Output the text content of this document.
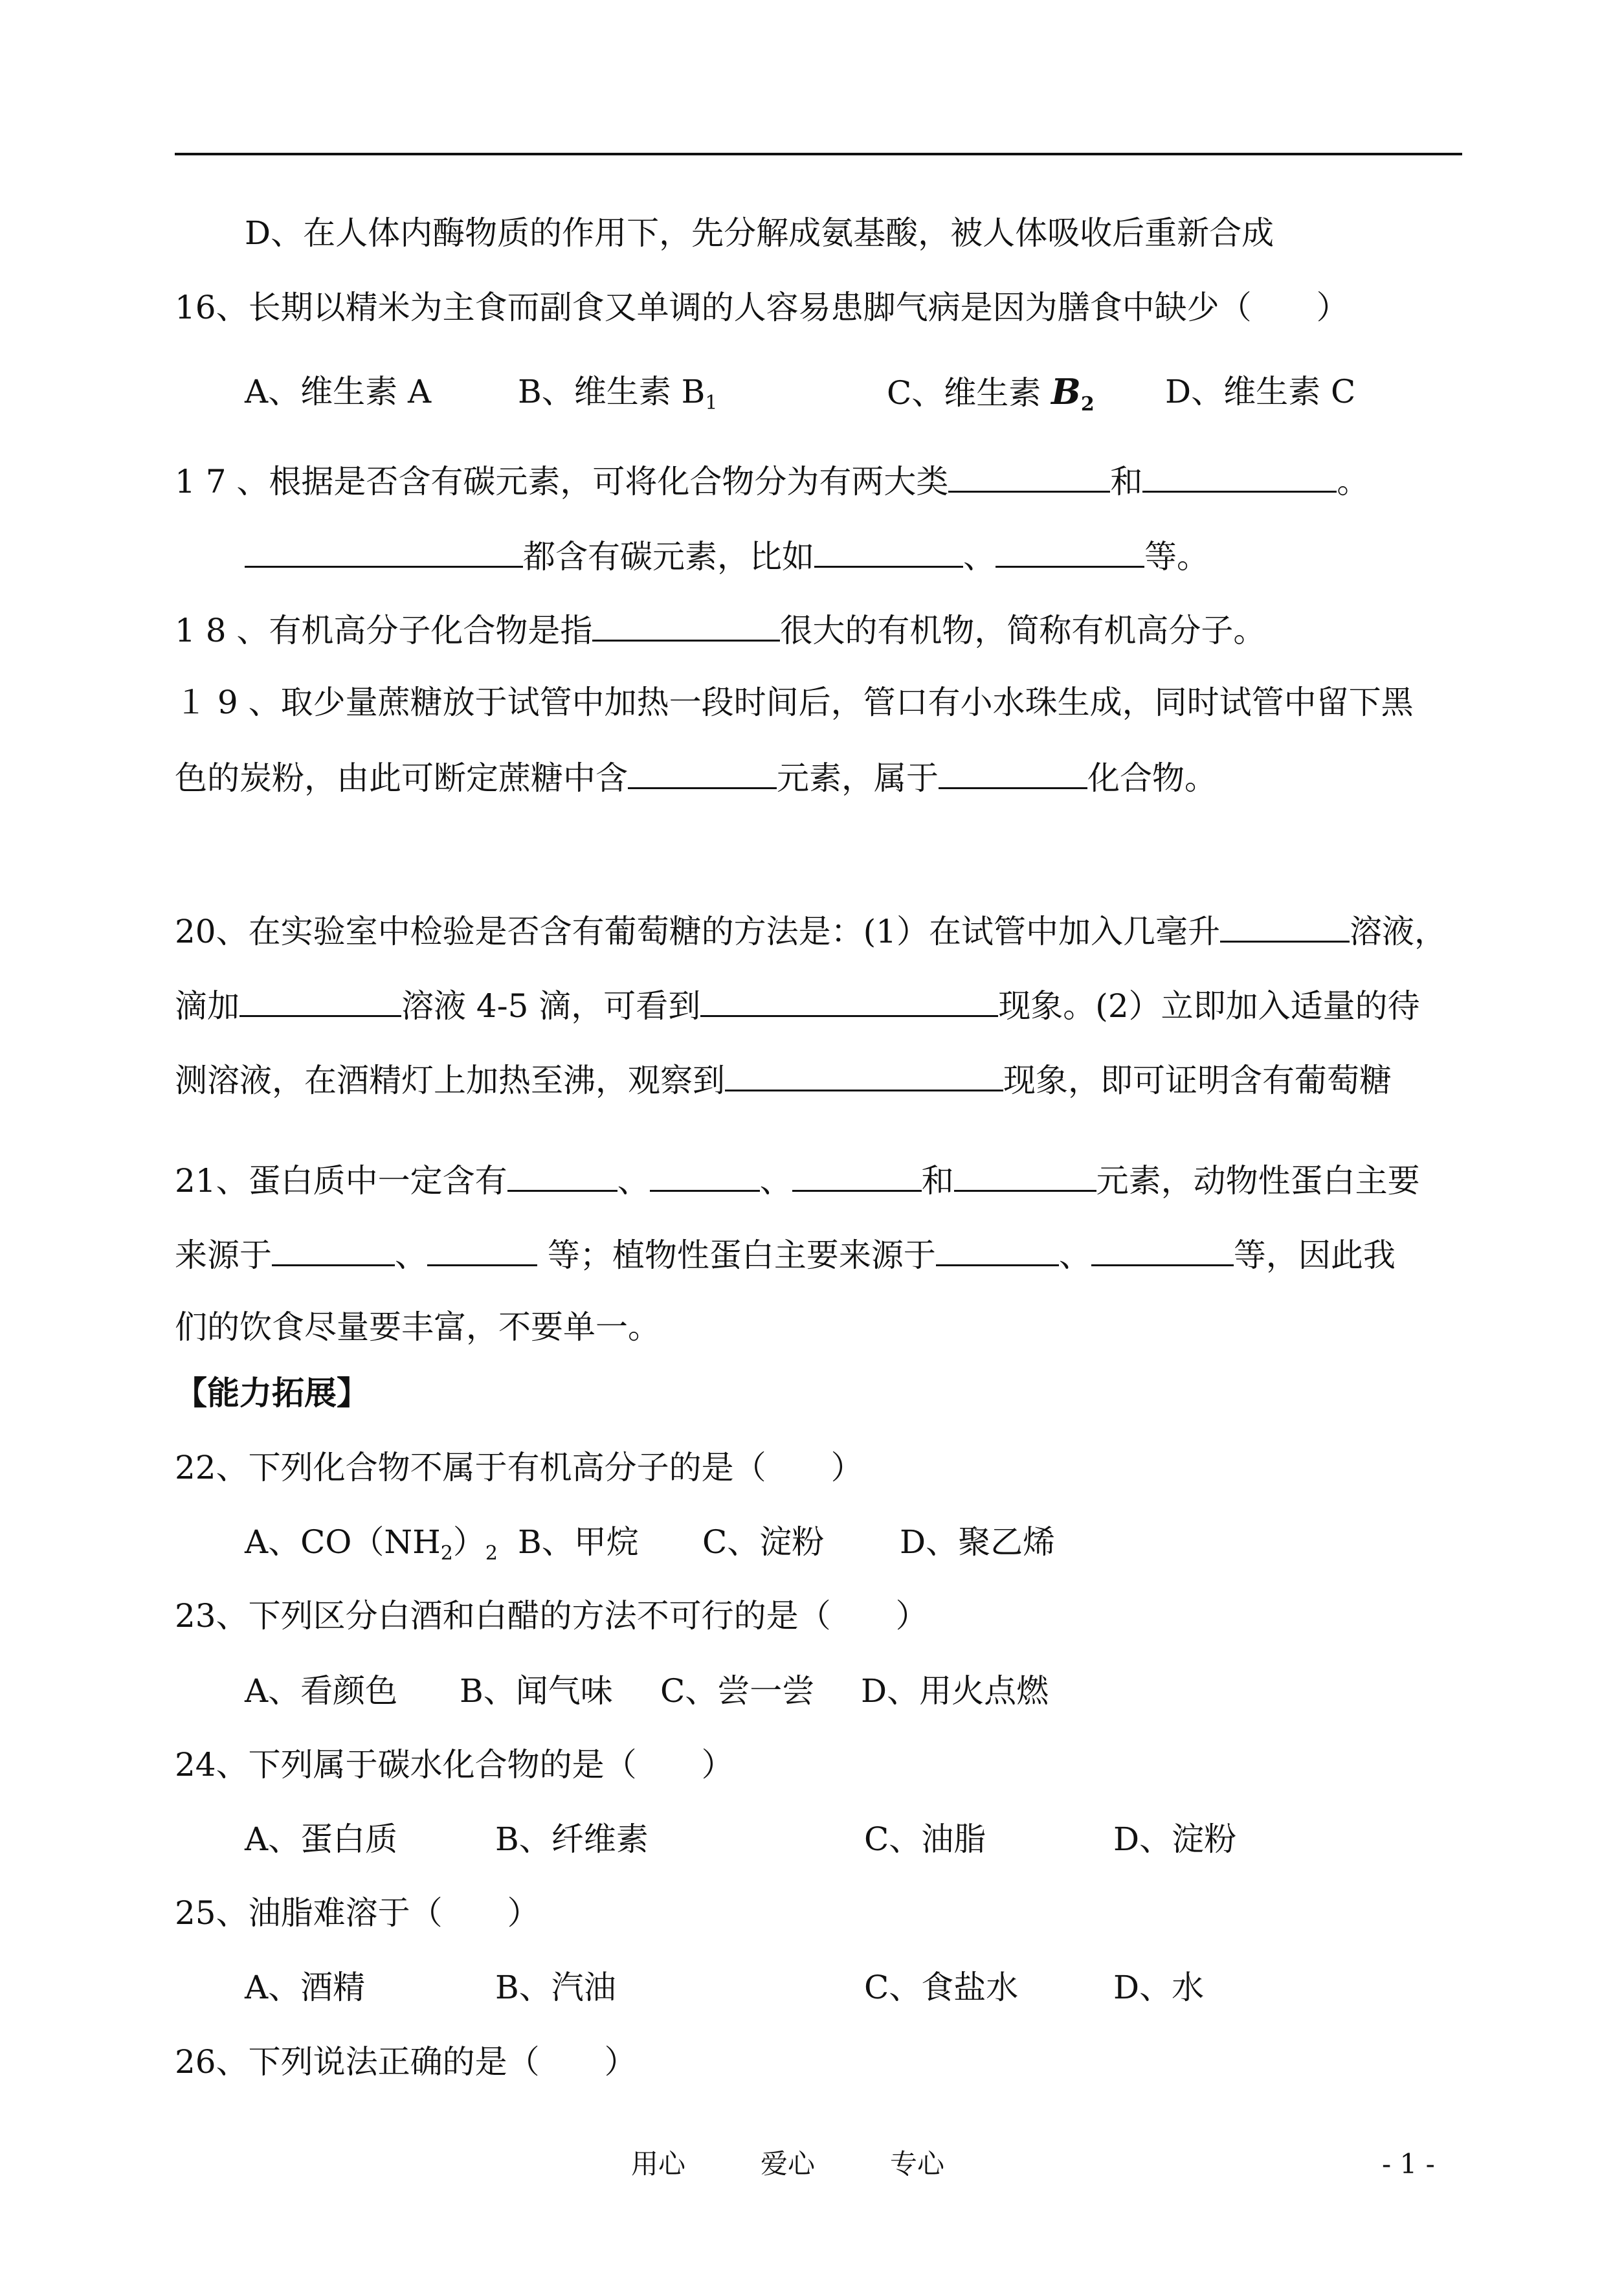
D、在人体内酶物质的作用下，先分解成氨基酸，被人体吸收后重新合成
16、长期以精米为主食而副食又单调的人容易患脚气病是因为膳食中缺少（　　）
A、维生素 A	B、维生素 $B_1$	C、维生素 $B_2$ D、维生素 C
1 7 、根据是否含有碳元素，可将化合物分为有两大类	和	。
都含有碳元素，比如	、	等。
1 8 、有机高分子化合物是指	很大的有机物，简称有机高分子。
１ 9 、取少量蔗糖放于试管中加热一段时间后，管口有小水珠生成，同时试管中留下黑
色的炭粉，由此可断定蔗糖中含	元素，属于	化合物。
20、在实验室中检验是否含有葡萄糖的方法是：(1）在试管中加入几毫升	溶液，
滴加	溶液 4-5 滴，可看到	现象。(2）立即加入适量的待
测溶液，在酒精灯上加热至沸，观察到	现象，即可证明含有葡萄糖
21、蛋白质中一定含有	、	、	和	元素，动物性蛋白主要
来源于	、	等；植物性蛋白主要来源于	、	等，因此我
们的饮食尽量要丰富，不要单一。
【能力拓展】
22、下列化合物不属于有机高分子的是（　　）
A、$CO(NH_2)_2$ B、甲烷 C、淀粉 D、聚乙烯
23、下列区分白酒和白醋的方法不可行的是（　　）
A、看颜色 B、闻气味 C、尝一尝 D、用火点燃
24、下列属于碳水化合物的是（　　）
A、蛋白质	B、纤维素	C、油脂	D、淀粉
25、油脂难溶于（　　）
A、酒精	B、汽油	C、食盐水	D、水
26、下列说法正确的是（　　）
用心	爱心	专心	- 1 -
